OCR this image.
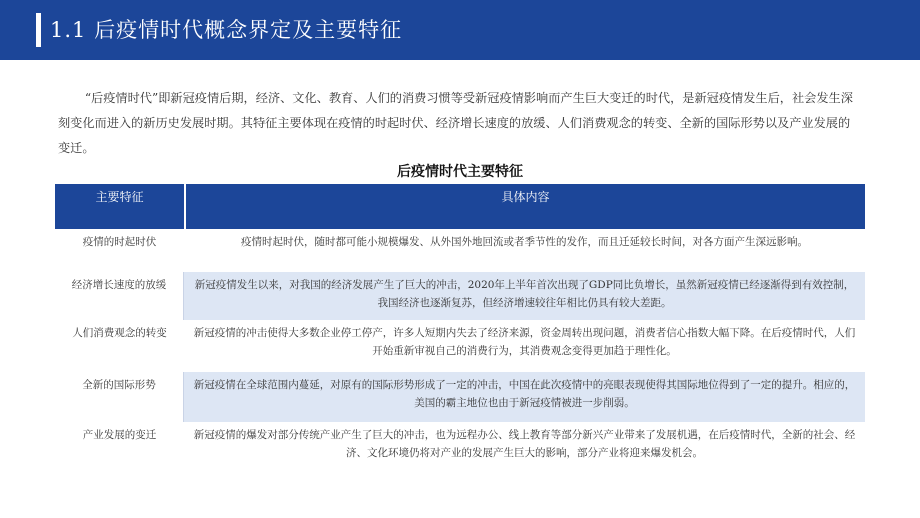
1.1 后疫情时代概念界定及主要特征

“后疫情时代”即新冠疫情后期，经济、文化、教育、人们的消费习惯等受新冠疫情影响而产生巨大变迁的时代，是新冠疫情发生后，社会发生深刻变化而进入的新历史发展时期。其特征主要体现在疫情的时起时伏、经济增长速度的放缓、人们消费观念的转变、全新的国际形势以及产业发展的变迁。

后疫情时代主要特征
主要特征	具体内容
疫情的时起时伏	疫情时起时伏，随时都可能小规模爆发、从外国外地回流或者季节性的发作，而且迁延较长时间，对各方面产生深远影响。
经济增长速度的放缓	新冠疫情发生以来，对我国的经济发展产生了巨大的冲击，2020年上半年首次出现了GDP同比负增长，虽然新冠疫情已经逐渐得到有效控制，我国经济也逐渐复苏，但经济增速较往年相比仍具有较大差距。
人们消费观念的转变	新冠疫情的冲击使得大多数企业停工停产，许多人短期内失去了经济来源，资金周转出现问题，消费者信心指数大幅下降。在后疫情时代，人们开始重新审视自己的消费行为，其消费观念变得更加趋于理性化。
全新的国际形势	新冠疫情在全球范围内蔓延，对原有的国际形势形成了一定的冲击，中国在此次疫情中的亮眼表现使得其国际地位得到了一定的提升。相应的，美国的霸主地位也由于新冠疫情被进一步削弱。
产业发展的变迁	新冠疫情的爆发对部分传统产业产生了巨大的冲击，也为远程办公、线上教育等部分新兴产业带来了发展机遇，在后疫情时代，全新的社会、经济、文化环境仍将对产业的发展产生巨大的影响，部分产业将迎来爆发机会。
